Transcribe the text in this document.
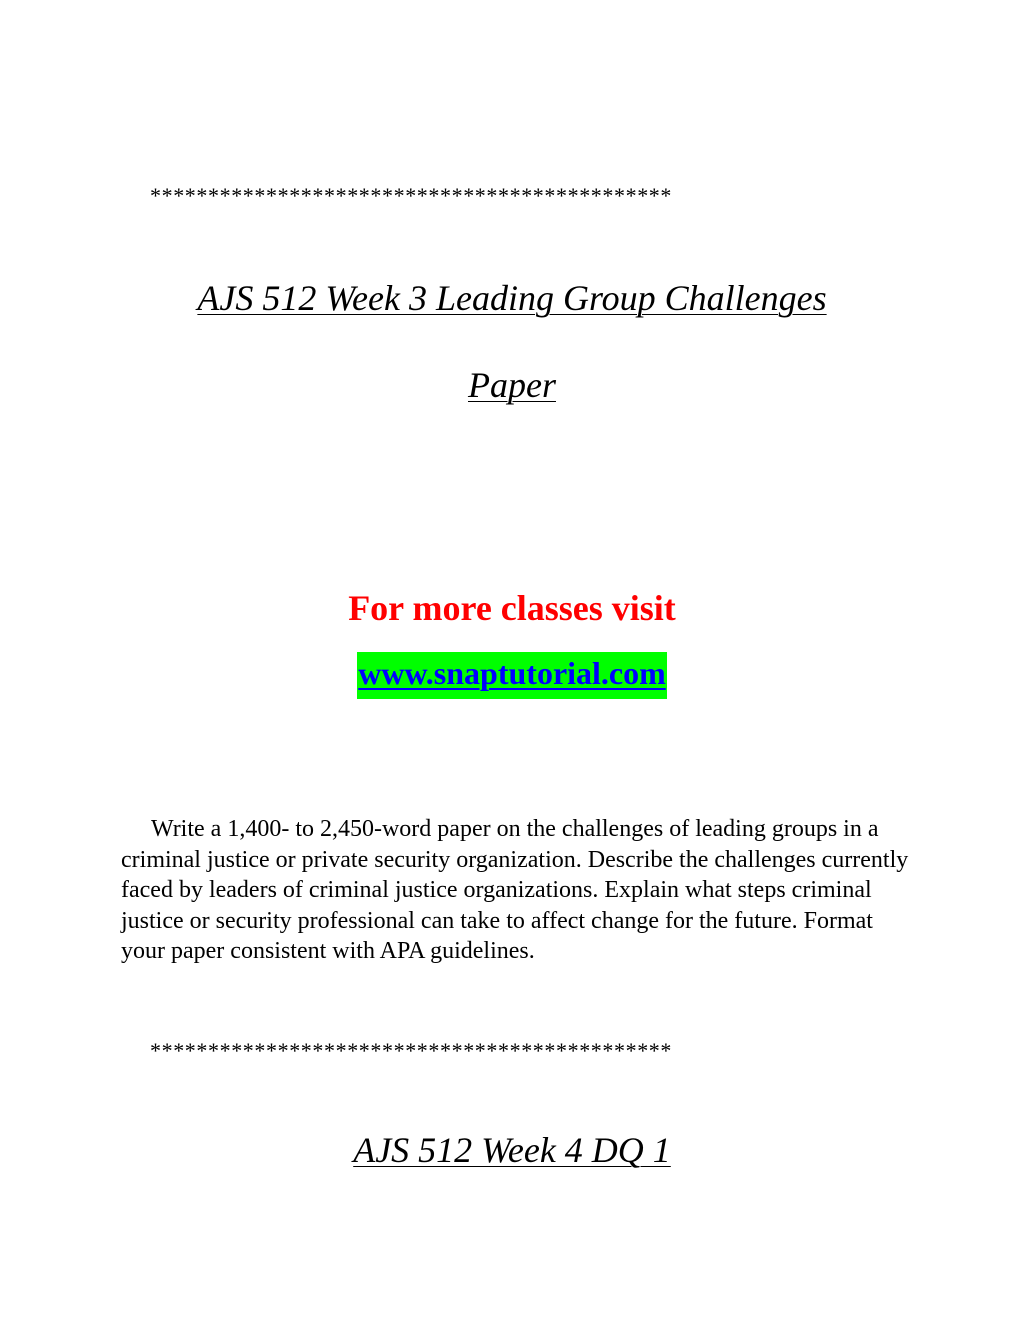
*********************************************
AJS 512 Week 3 Leading Group Challenges
Paper
For more classes visit
www.snaptutorial.com

Write a 1,400- to 2,450-word paper on the challenges of leading groups in a criminal justice or private security organization. Describe the challenges currently faced by leaders of criminal justice organizations. Explain what steps criminal justice or security professional can take to affect change for the future. Format your paper consistent with APA guidelines.

*********************************************
AJS 512 Week 4 DQ 1
